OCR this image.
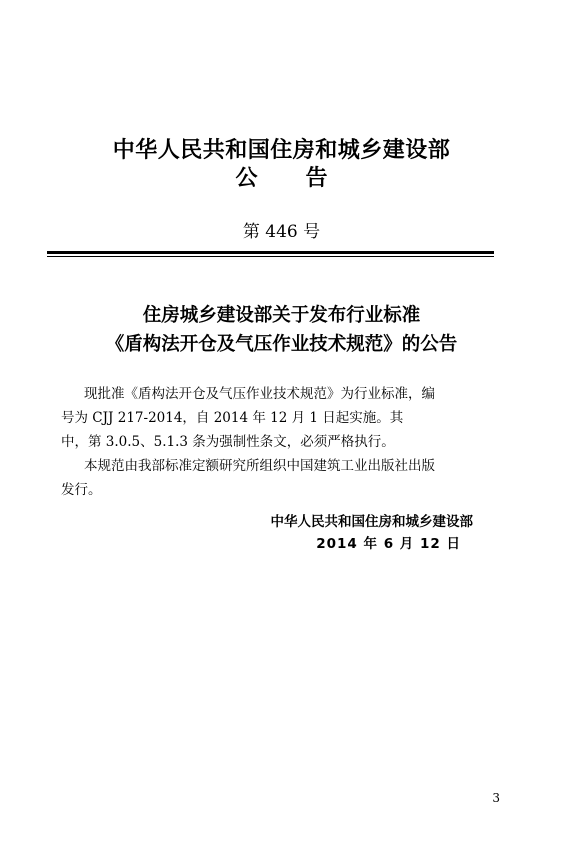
中华人民共和国住房和城乡建设部
公告
第 446 号
住房城乡建设部关于发布行业标准
《盾构法开仓及气压作业技术规范》的公告
现批准《盾构法开仓及气压作业技术规范》为行业标准，编
号为 CJJ 217-2014，自 2014 年 12 月 1 日起实施。其
中，第 3.0.5、5.1.3 条为强制性条文，必须严格执行。
本规范由我部标准定额研究所组织中国建筑工业出版社出版
发行。
中华人民共和国住房和城乡建设部
2014 年 6 月 12 日
3
